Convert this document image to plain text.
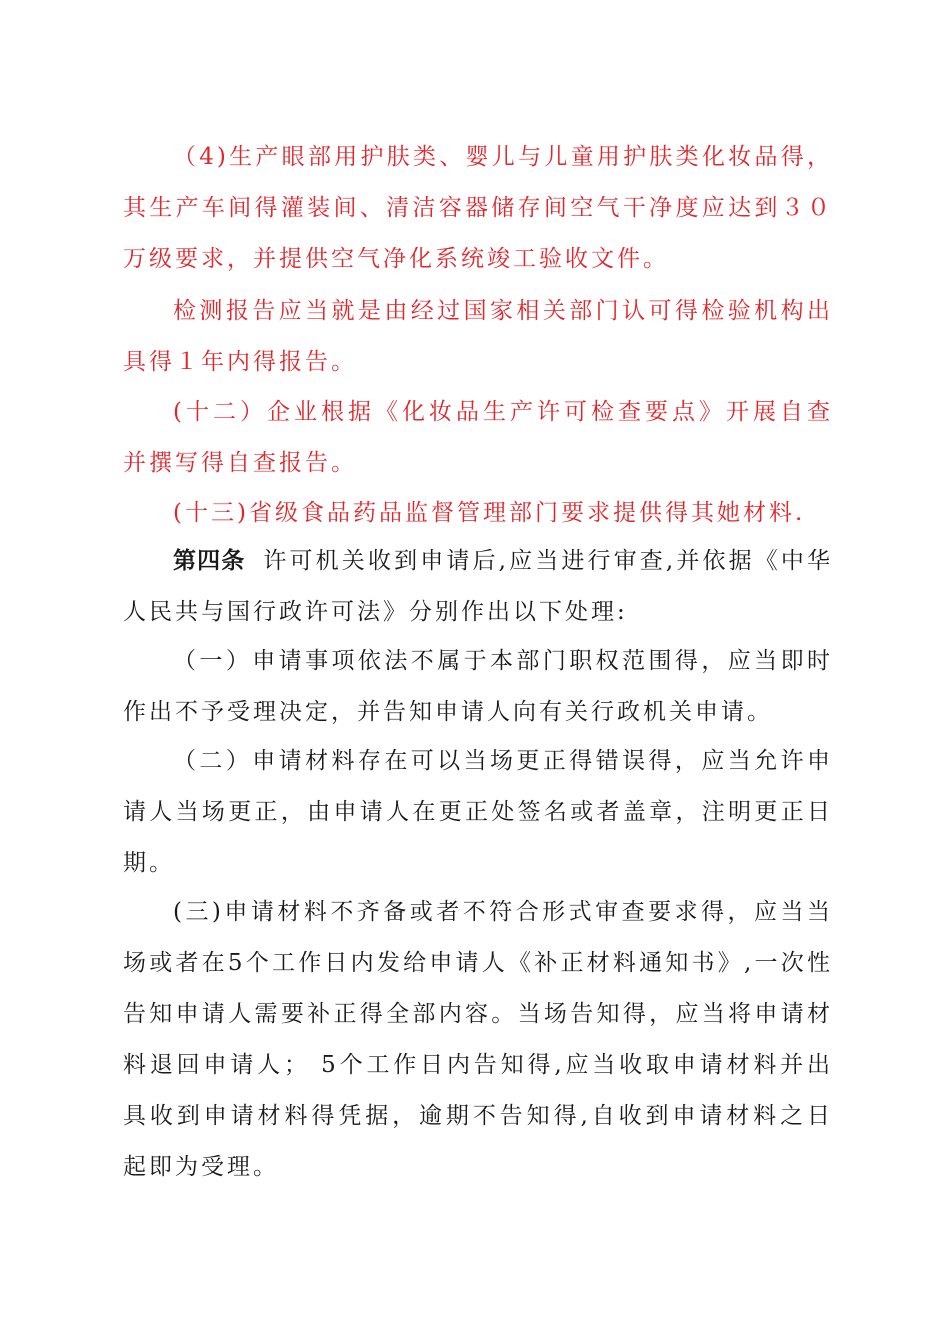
（4)生产眼部用护肤类、婴儿与儿童用护肤类化妆品得，其生产车间得灌装间、清洁容器储存间空气干净度应达到３０万级要求，并提供空气净化系统竣工验收文件。

检测报告应当就是由经过国家相关部门认可得检验机构出具得１年内得报告。

(十二）企业根据《化妆品生产许可检查要点》开展自查并撰写得自查报告。

(十三)省级食品药品监督管理部门要求提供得其她材料.

第四条 许可机关收到申请后,应当进行审查,并依据《中华人民共与国行政许可法》分别作出以下处理:

（一）申请事项依法不属于本部门职权范围得，应当即时作出不予受理决定，并告知申请人向有关行政机关申请。

（二）申请材料存在可以当场更正得错误得，应当允许申请人当场更正，由申请人在更正处签名或者盖章，注明更正日期。

(三)申请材料不齐备或者不符合形式审查要求得，应当当场或者在5个工作日内发给申请人《补正材料通知书》,一次性告知申请人需要补正得全部内容。当场告知得，应当将申请材料退回申请人； 5个工作日内告知得,应当收取申请材料并出具收到申请材料得凭据，逾期不告知得,自收到申请材料之日起即为受理。
